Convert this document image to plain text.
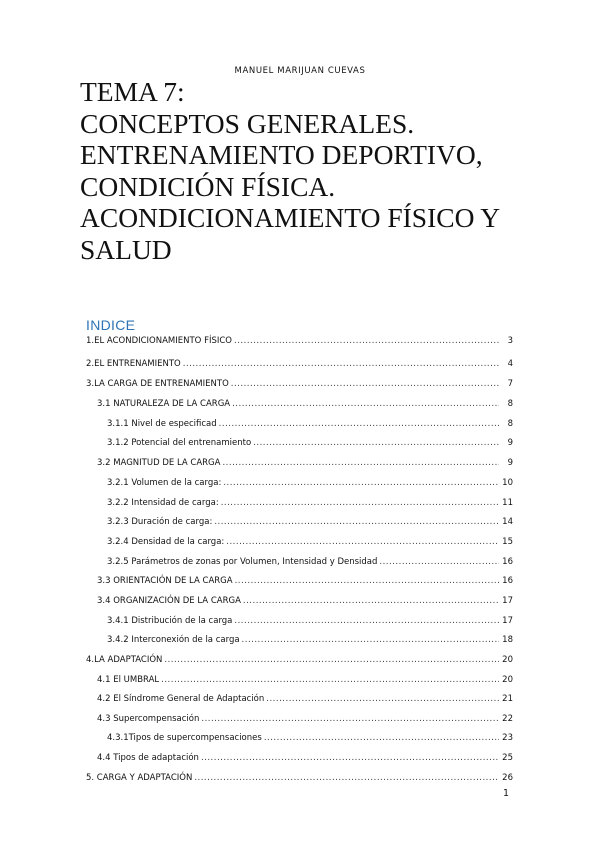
MANUEL MARIJUAN CUEVAS
TEMA 7:
CONCEPTOS GENERALES.
ENTRENAMIENTO DEPORTIVO,
CONDICIÓN FÍSICA.
ACONDICIONAMIENTO FÍSICO Y
SALUD
INDICE
1.EL ACONDICIONAMIENTO FÍSICO .....	3
2.EL ENTRENAMIENTO .....	4
3.LA CARGA DE ENTRENAMIENTO .....	7
3.1 NATURALEZA DE LA CARGA .....	8
3.1.1 Nivel de especificad .....	8
3.1.2 Potencial del entrenamiento .....	9
3.2 MAGNITUD DE LA CARGA .....	9
3.2.1 Volumen de la carga: .....	10
3.2.2 Intensidad de carga: .....	11
3.2.3 Duración de carga: .....	14
3.2.4 Densidad de la carga: .....	15
3.2.5 Parámetros de zonas por Volumen, Intensidad y Densidad .....	16
3.3 ORIENTACIÓN DE LA CARGA .....	16
3.4 ORGANIZACIÓN DE LA CARGA .....	17
3.4.1 Distribución de la carga .....	17
3.4.2 Interconexión de la carga .....	18
4.LA ADAPTACIÓN .....	20
4.1 El UMBRAL .....	20
4.2 El Síndrome General de Adaptación .....	21
4.3 Supercompensación .....	22
4.3.1Tipos de supercompensaciones .....	23
4.4 Tipos de adaptación .....	25
5. CARGA Y ADAPTACIÓN .....	26
1
